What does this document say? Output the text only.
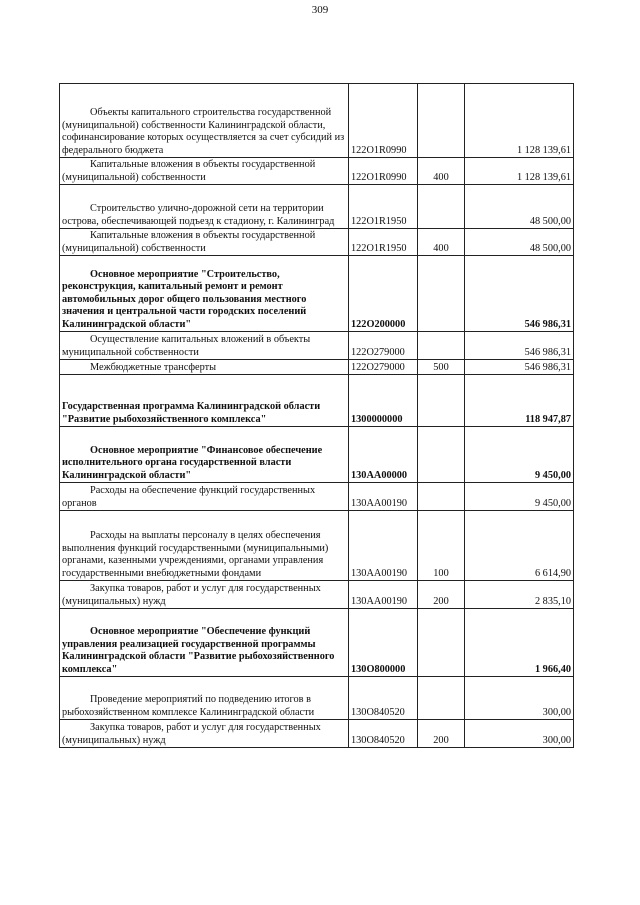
309
Объекты капитального строительства государственной (муниципальной) собственности Калининградской области, софинансирование которых осуществляется за счет субсидий из федерального бюджета	122O1R0990		1 128 139,61

Капитальные вложения в объекты государственной (муниципальной) собственности	122O1R0990	400	1 128 139,61

Строительство улично-дорожной сети на территории острова, обеспечивающей подъезд к стадиону, г. Калининград	122O1R1950		48 500,00

Капитальные вложения в объекты государственной (муниципальной) собственности	122O1R1950	400	48 500,00

Основное мероприятие "Строительство, реконструкция, капитальный ремонт и ремонт автомобильных дорог общего пользования местного значения и центральной части городских поселений Калининградской области"	122O200000		546 986,31

Осуществление капитальных вложений в объекты муниципальной собственности	122O279000		546 986,31

Межбюджетные трансферты	122O279000	500	546 986,31

Государственная программа Калининградской области "Развитие рыбохозяйственного комплекса"	1300000000		118 947,87

Основное мероприятие "Финансовое обеспечение исполнительного органа государственной власти Калининградской области"	130АА00000		9 450,00

Расходы на обеспечение функций государственных органов	130АА00190		9 450,00

Расходы на выплаты персоналу в целях обеспечения выполнения функций государственными (муниципальными) органами, казенными учреждениями, органами управления государственными внебюджетными фондами	130АА00190	100	6 614,90

Закупка товаров, работ и услуг для государственных (муниципальных) нужд	130АА00190	200	2 835,10

Основное мероприятие "Обеспечение функций управления реализацией государственной программы Калининградской области "Развитие рыбохозяйственного комплекса"	130O800000		1 966,40

Проведение мероприятий по подведению итогов в рыбохозяйственном комплексе Калининградской области	130O840520		300,00

Закупка товаров, работ и услуг для государственных (муниципальных) нужд	130O840520	200	300,00
